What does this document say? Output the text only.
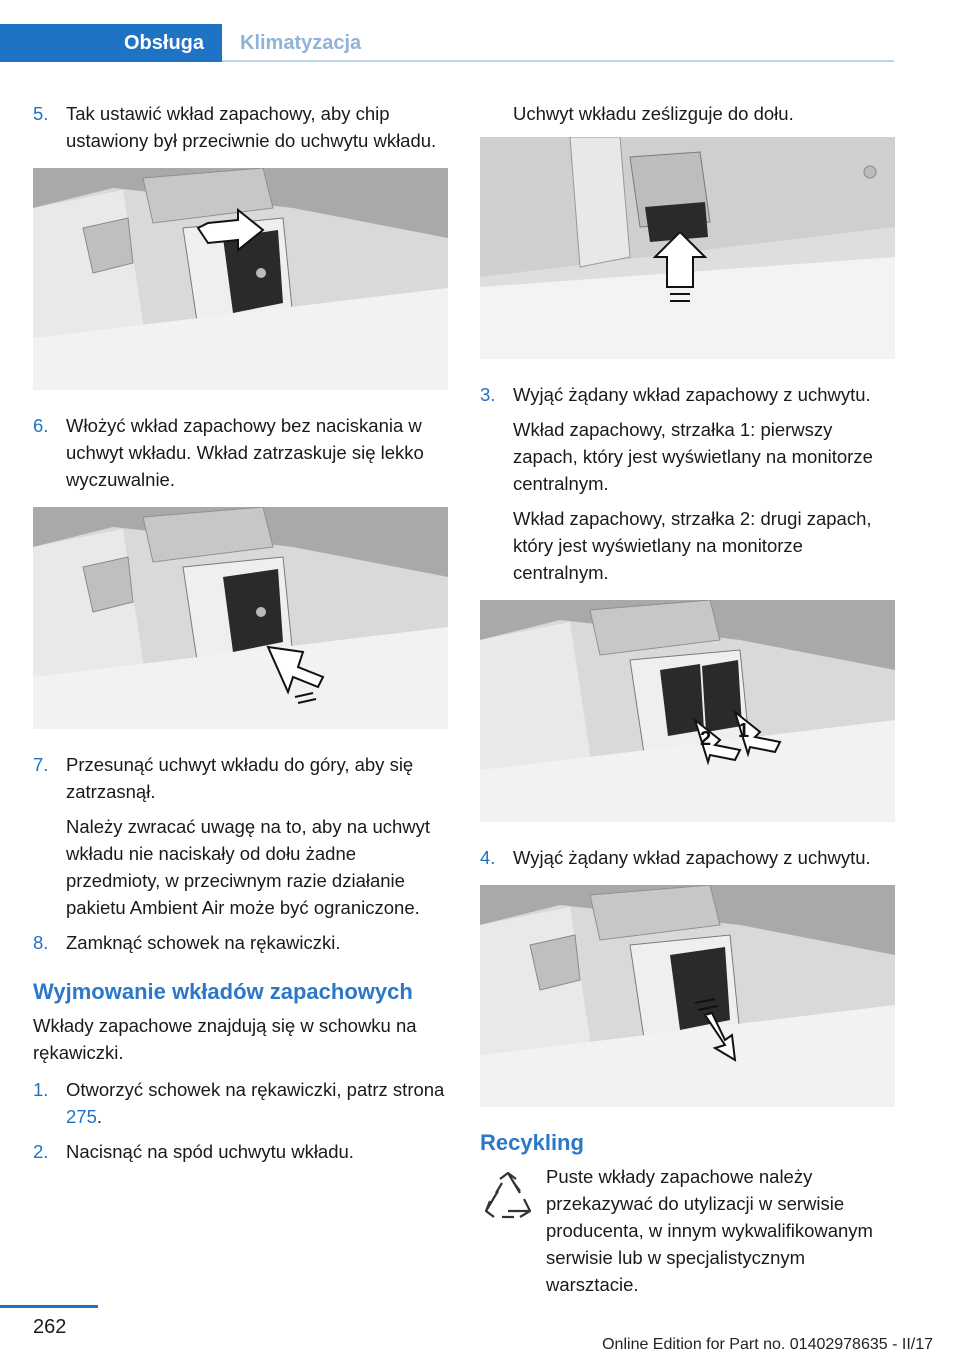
Obsługa Klimatyzacja
5. Tak ustawić wkład zapachowy, aby chip ustawiony był przeciwnie do uchwytu wkładu.
6. Włożyć wkład zapachowy bez naciskania w uchwyt wkładu. Wkład zatrzaskuje się lekko wyczuwalnie.
7. Przesunąć uchwyt wkładu do góry, aby się zatrzasnął.

Należy zwracać uwagę na to, aby na uchwyt wkładu nie naciskały od dołu żadne przedmioty, w przeciwnym razie działanie pakietu Ambient Air może być ograniczone.

8. Zamknąć schowek na rękawiczki.
Wyjmowanie wkładów zapachowych

Wkłady zapachowe znajdują się w schowku na rękawiczki.

1. Otworzyć schowek na rękawiczki, patrz strona 275.
2. Nacisnąć na spód uchwytu wkładu.

Uchwyt wkładu ześlizguje do dołu.

3. Wyjąć żądany wkład zapachowy z uchwytu.

Wkład zapachowy, strzałka 1: pierwszy zapach, który jest wyświetlany na monitorze centralnym.

Wkład zapachowy, strzałka 2: drugi zapach, który jest wyświetlany na monitorze centralnym.

2 1
4. Wyjąć żądany wkład zapachowy z uchwytu.
Recykling

Puste wkłady zapachowe należy przekazywać do utylizacji w serwisie producenta, w innym wykwalifikowanym serwisie lub w specjalistycznym warsztacie.

262
Online Edition for Part no. 01402978635 - II/17
